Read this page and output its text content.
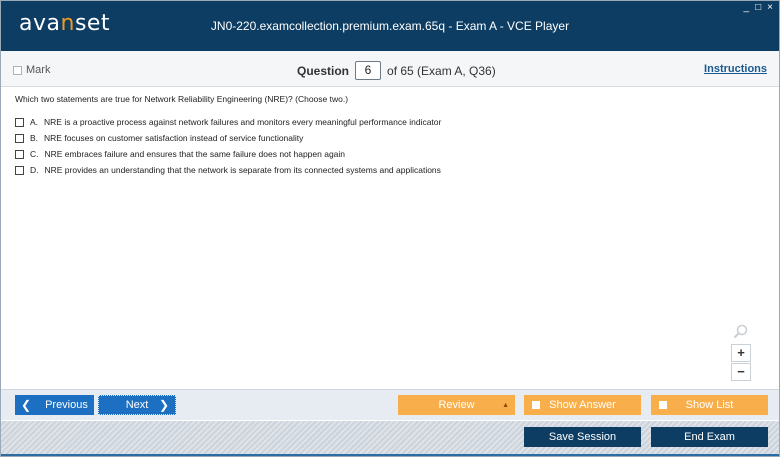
avanset	JN0-220.examcollection.premium.exam.65q - Exam A - VCE Player
_ □ ×
Mark	Question	6	of 65 (Exam A, Q36)	Instructions
Which two statements are true for Network Reliability Engineering (NRE)? (Choose two.)
A. NRE is a proactive process against network failures and monitors every meaningful performance indicator
B. NRE focuses on customer satisfaction instead of service functionality
C. NRE embraces failure and ensures that the same failure does not happen again
D. NRE provides an understanding that the network is separate from its connected systems and applications
+
−
❮ Previous	Next ❯	Review	▲	Show Answer	Show List
Save Session	End Exam
